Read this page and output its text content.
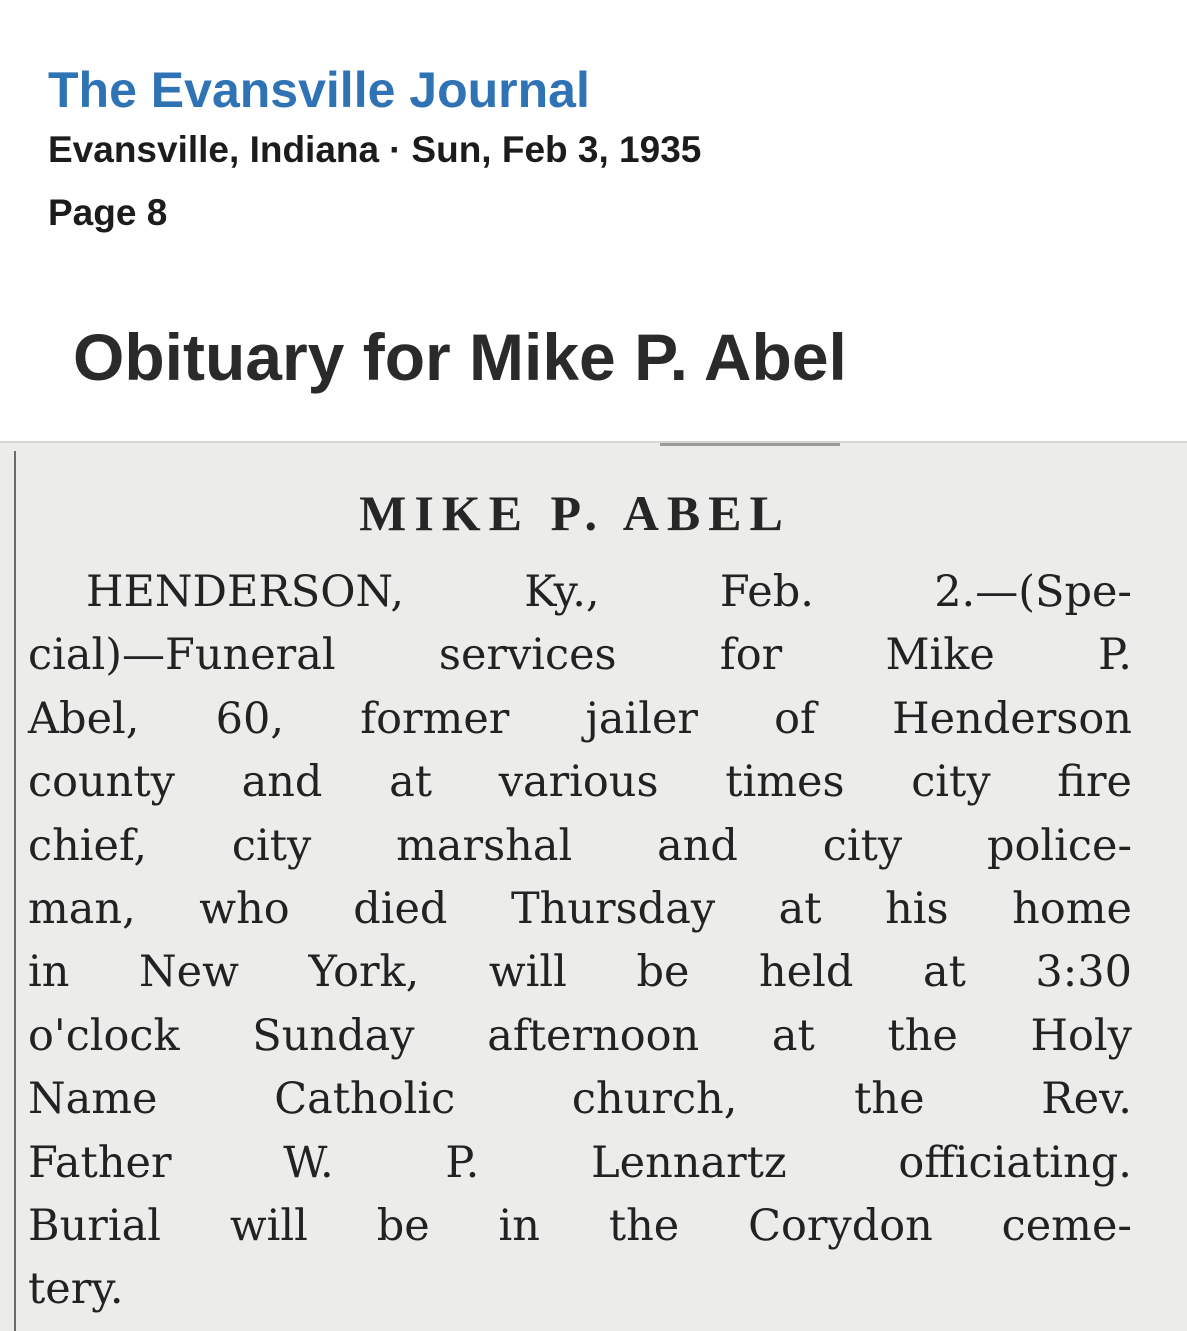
The Evansville Journal
Evansville, Indiana · Sun, Feb 3, 1935
Page 8
Obituary for Mike P. Abel
MIKE P. ABEL
HENDERSON,	Ky.,	Feb.	2.—(Spe-
cial)—Funeral services for Mike P.
Abel, 60, former jailer of Henderson
county and at various times city fire
chief, city marshal and city police-
man, who died Thursday at his home
in New York, will be held at 3:30
o'clock Sunday afternoon at the Holy
Name	Catholic	church,	the	Rev.
Father	W.	P.	Lennartz	officiating.
Burial will be in the Corydon ceme-
tery.
